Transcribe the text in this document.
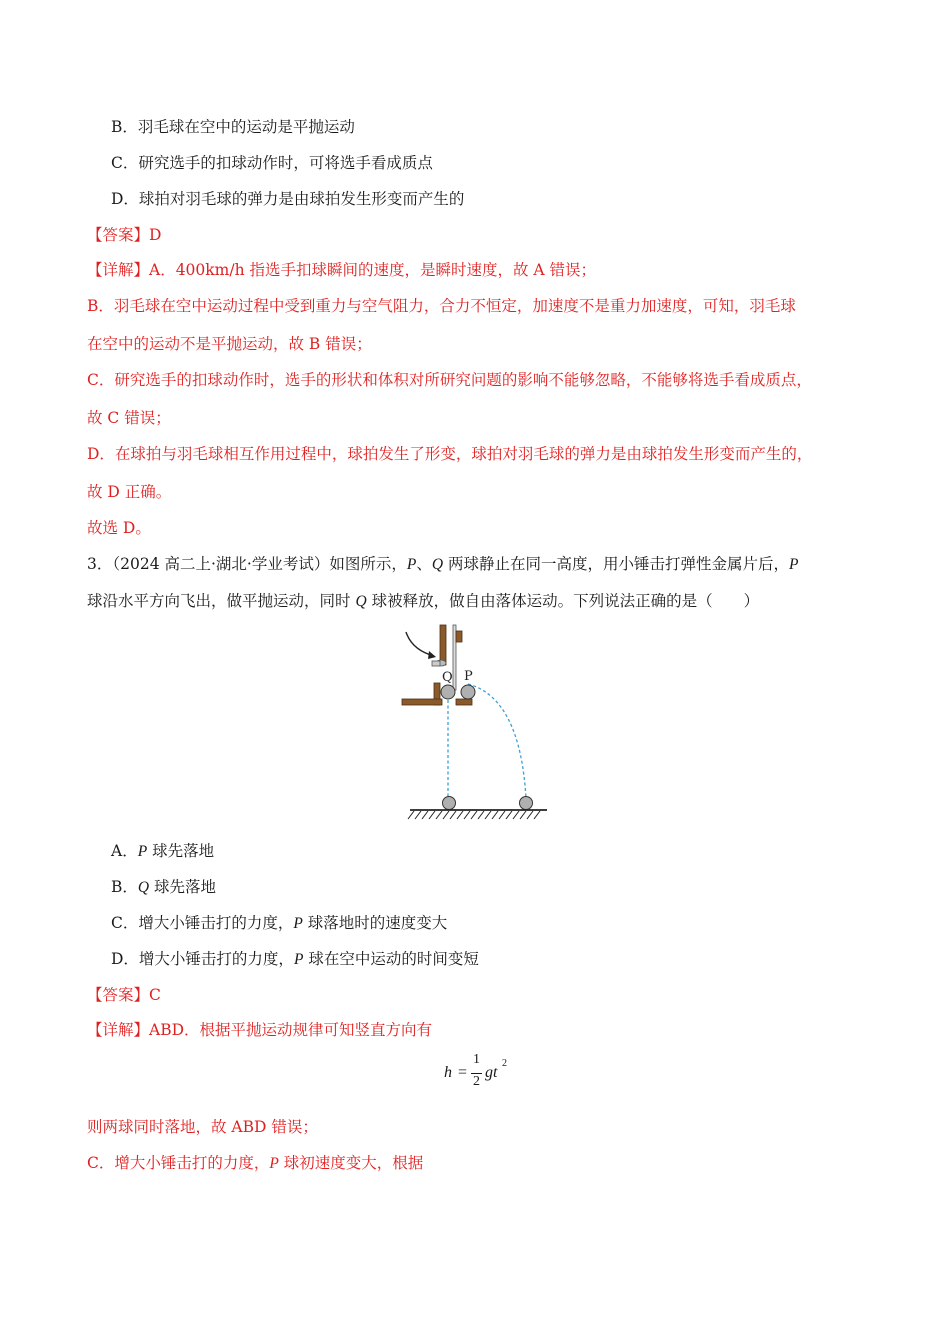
B．羽毛球在空中的运动是平抛运动
C．研究选手的扣球动作时，可将选手看成质点
D．球拍对羽毛球的弹力是由球拍发生形变而产生的
【答案】D
【详解】A．400km/h 指选手扣球瞬间的速度，是瞬时速度，故 A 错误；
B．羽毛球在空中运动过程中受到重力与空气阻力，合力不恒定，加速度不是重力加速度，可知，羽毛球
在空中的运动不是平抛运动，故 B 错误；
C．研究选手的扣球动作时，选手的形状和体积对所研究问题的影响不能够忽略，不能够将选手看成质点，
故 C 错误；
D．在球拍与羽毛球相互作用过程中，球拍发生了形变，球拍对羽毛球的弹力是由球拍发生形变而产生的，
故 D 正确。
故选 D。
3．（2024 高二上·湖北·学业考试）如图所示，P、Q 两球静止在同一高度，用小锤击打弹性金属片后，P
球沿水平方向飞出，做平抛运动，同时 Q 球被释放，做自由落体运动。下列说法正确的是（　　）
Q P
A．P 球先落地
B．Q 球先落地
C．增大小锤击打的力度，P 球落地时的速度变大
D．增大小锤击打的力度，P 球在空中运动的时间变短
【答案】C
【详解】ABD．根据平抛运动规律可知竖直方向有
h =
1
2
gt
2
则两球同时落地，故 ABD 错误；
C．增大小锤击打的力度，P 球初速度变大，根据
